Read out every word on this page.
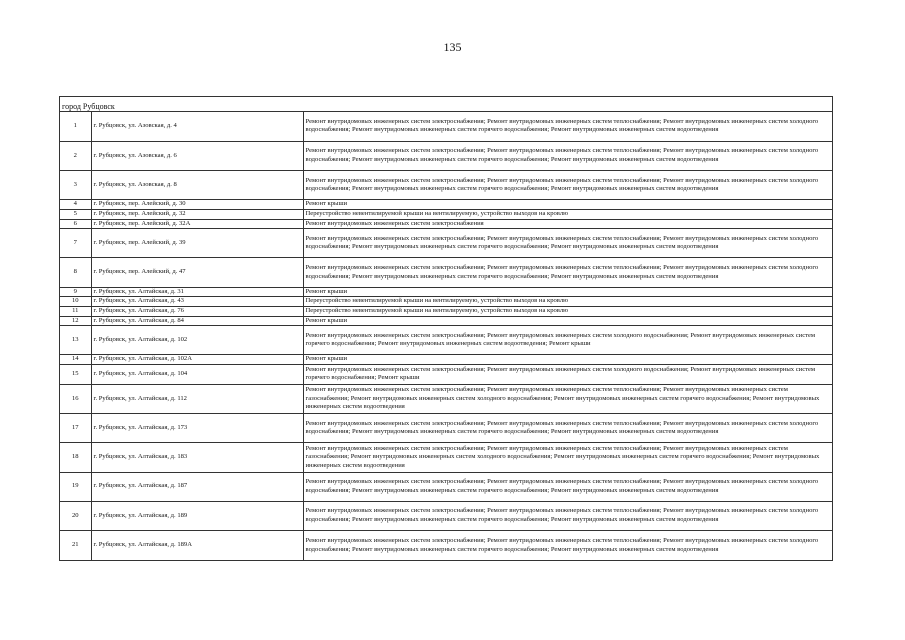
135
город Рубцовск
1	г. Рубцовск, ул. Азовская, д. 4	Ремонт внутридомовых инженерных систем электроснабжения; Ремонт внутридомовых инженерных систем теплоснабжения; Ремонт внутридомовых инженерных систем холодного водоснабжения; Ремонт внутридомовых инженерных систем горячего водоснабжения; Ремонт внутридомовых инженерных систем водоотведения
2	г. Рубцовск, ул. Азовская, д. 6	Ремонт внутридомовых инженерных систем электроснабжения; Ремонт внутридомовых инженерных систем теплоснабжения; Ремонт внутридомовых инженерных систем холодного водоснабжения; Ремонт внутридомовых инженерных систем горячего водоснабжения; Ремонт внутридомовых инженерных систем водоотведения
3	г. Рубцовск, ул. Азовская, д. 8	Ремонт внутридомовых инженерных систем электроснабжения; Ремонт внутридомовых инженерных систем теплоснабжения; Ремонт внутридомовых инженерных систем холодного водоснабжения; Ремонт внутридомовых инженерных систем горячего водоснабжения; Ремонт внутридомовых инженерных систем водоотведения
4	г. Рубцовск, пер. Алейский, д. 30	Ремонт крыши
5	г. Рубцовск, пер. Алейский, д. 32	Переустройство невентилируемой крыши на вентилируемую, устройство выходов на кровлю
6	г. Рубцовск, пер. Алейский, д. 32А	Ремонт внутридомовых инженерных систем электроснабжения
7	г. Рубцовск, пер. Алейский, д. 39	Ремонт внутридомовых инженерных систем электроснабжения; Ремонт внутридомовых инженерных систем теплоснабжения; Ремонт внутридомовых инженерных систем холодного водоснабжения; Ремонт внутридомовых инженерных систем горячего водоснабжения; Ремонт внутридомовых инженерных систем водоотведения
8	г. Рубцовск, пер. Алейский, д. 47	Ремонт внутридомовых инженерных систем электроснабжения; Ремонт внутридомовых инженерных систем теплоснабжения; Ремонт внутридомовых инженерных систем холодного водоснабжения; Ремонт внутридомовых инженерных систем горячего водоснабжения; Ремонт внутридомовых инженерных систем водоотведения
9	г. Рубцовск, ул. Алтайская, д. 31	Ремонт крыши
10	г. Рубцовск, ул. Алтайская, д. 43	Переустройство невентилируемой крыши на вентилируемую, устройство выходов на кровлю
11	г. Рубцовск, ул. Алтайская, д. 76	Переустройство невентилируемой крыши на вентилируемую, устройство выходов на кровлю
12	г. Рубцовск, ул. Алтайская, д. 84	Ремонт крыши
13	г. Рубцовск, ул. Алтайская, д. 102	Ремонт внутридомовых инженерных систем электроснабжения; Ремонт внутридомовых инженерных систем холодного водоснабжения; Ремонт внутридомовых инженерных систем горячего водоснабжения; Ремонт внутридомовых инженерных систем водоотведения; Ремонт крыши
14	г. Рубцовск, ул. Алтайская, д. 102А	Ремонт крыши
15	г. Рубцовск, ул. Алтайская, д. 104	Ремонт внутридомовых инженерных систем электроснабжения; Ремонт внутридомовых инженерных систем холодного водоснабжения; Ремонт внутридомовых инженерных систем горячего водоснабжения; Ремонт крыши
16	г. Рубцовск, ул. Алтайская, д. 112	Ремонт внутридомовых инженерных систем электроснабжения; Ремонт внутридомовых инженерных систем теплоснабжения; Ремонт внутридомовых инженерных систем газоснабжения; Ремонт внутридомовых инженерных систем холодного водоснабжения; Ремонт внутридомовых инженерных систем горячего водоснабжения; Ремонт внутридомовых инженерных систем водоотведения
17	г. Рубцовск, ул. Алтайская, д. 173	Ремонт внутридомовых инженерных систем электроснабжения; Ремонт внутридомовых инженерных систем теплоснабжения; Ремонт внутридомовых инженерных систем холодного водоснабжения; Ремонт внутридомовых инженерных систем горячего водоснабжения; Ремонт внутридомовых инженерных систем водоотведения
18	г. Рубцовск, ул. Алтайская, д. 183	Ремонт внутридомовых инженерных систем электроснабжения; Ремонт внутридомовых инженерных систем теплоснабжения; Ремонт внутридомовых инженерных систем газоснабжения; Ремонт внутридомовых инженерных систем холодного водоснабжения; Ремонт внутридомовых инженерных систем горячего водоснабжения; Ремонт внутридомовых инженерных систем водоотведения
19	г. Рубцовск, ул. Алтайская, д. 187	Ремонт внутридомовых инженерных систем электроснабжения; Ремонт внутридомовых инженерных систем теплоснабжения; Ремонт внутридомовых инженерных систем холодного водоснабжения; Ремонт внутридомовых инженерных систем горячего водоснабжения; Ремонт внутридомовых инженерных систем водоотведения
20	г. Рубцовск, ул. Алтайская, д. 189	Ремонт внутридомовых инженерных систем электроснабжения; Ремонт внутридомовых инженерных систем теплоснабжения; Ремонт внутридомовых инженерных систем холодного водоснабжения; Ремонт внутридомовых инженерных систем горячего водоснабжения; Ремонт внутридомовых инженерных систем водоотведения
21	г. Рубцовск, ул. Алтайская, д. 189А	Ремонт внутридомовых инженерных систем электроснабжения; Ремонт внутридомовых инженерных систем теплоснабжения; Ремонт внутридомовых инженерных систем холодного водоснабжения; Ремонт внутридомовых инженерных систем горячего водоснабжения; Ремонт внутридомовых инженерных систем водоотведения
